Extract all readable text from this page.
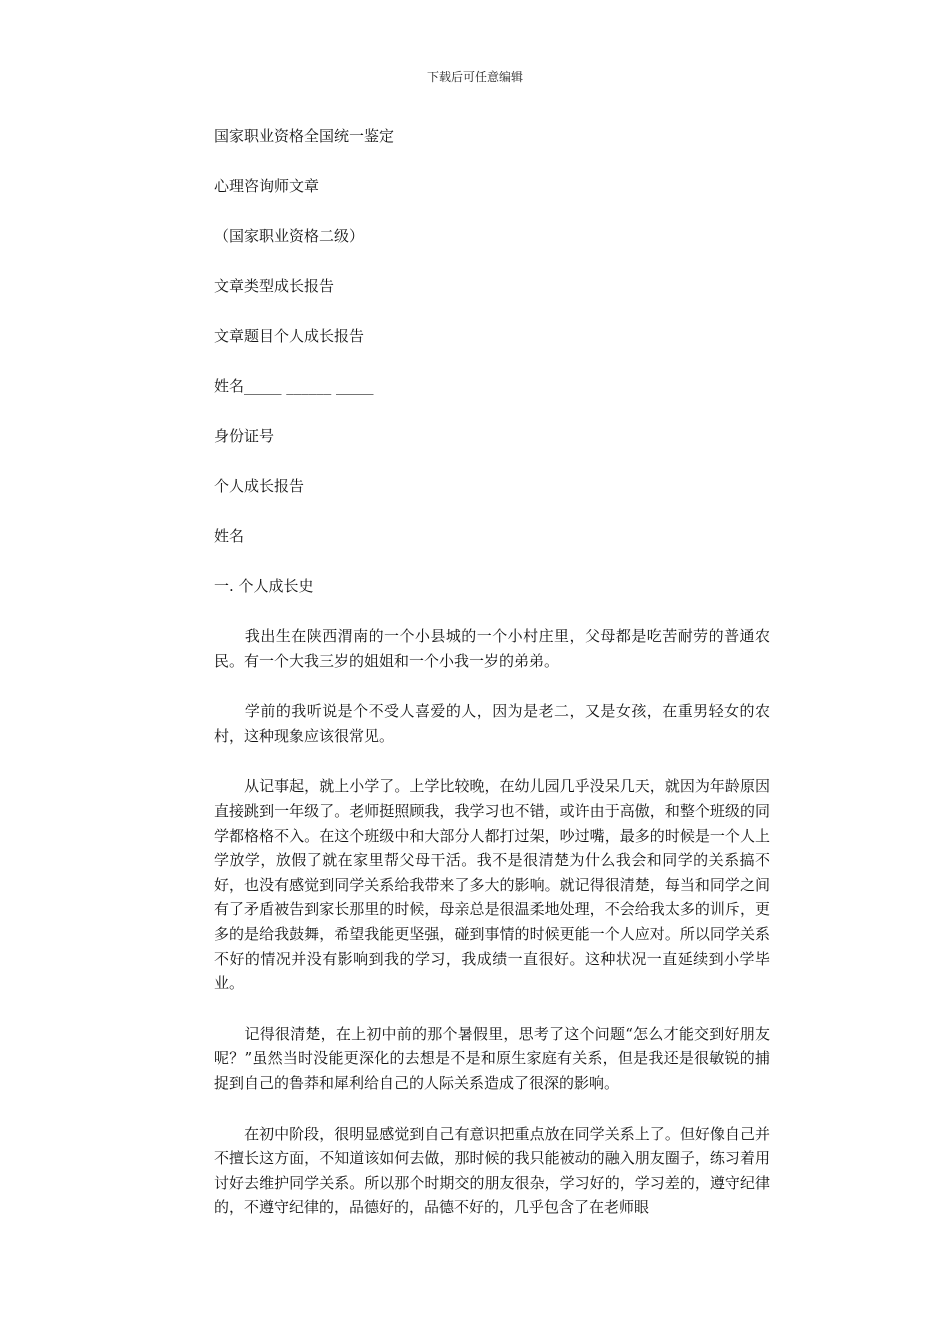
下载后可任意编辑
国家职业资格全国统一鉴定
心理咨询师文章
（国家职业资格二级）
文章类型成长报告
文章题目个人成长报告
姓名_____ ______ _____
身份证号
个人成长报告
姓名
一. 个人成长史

　　我出生在陕西渭南的一个小县城的一个小村庄里，父母都是吃苦耐劳的普通农民。有一个大我三岁的姐姐和一个小我一岁的弟弟。

　　学前的我听说是个不受人喜爱的人，因为是老二，又是女孩，在重男轻女的农村，这种现象应该很常见。

　　从记事起，就上小学了。上学比较晚，在幼儿园几乎没呆几天，就因为年龄原因直接跳到一年级了。老师挺照顾我，我学习也不错，或许由于高傲，和整个班级的同学都格格不入。在这个班级中和大部分人都打过架，吵过嘴，最多的时候是一个人上学放学，放假了就在家里帮父母干活。我不是很清楚为什么我会和同学的关系搞不好，也没有感觉到同学关系给我带来了多大的影响。就记得很清楚，每当和同学之间有了矛盾被告到家长那里的时候，母亲总是很温柔地处理，不会给我太多的训斥，更多的是给我鼓舞，希望我能更坚强，碰到事情的时候更能一个人应对。所以同学关系不好的情况并没有影响到我的学习，我成绩一直很好。这种状况一直延续到小学毕业。

　　记得很清楚，在上初中前的那个暑假里，思考了这个问题“怎么才能交到好朋友呢？”虽然当时没能更深化的去想是不是和原生家庭有关系，但是我还是很敏锐的捕捉到自己的鲁莽和犀利给自己的人际关系造成了很深的影响。

　　在初中阶段，很明显感觉到自己有意识把重点放在同学关系上了。但好像自己并不擅长这方面，不知道该如何去做，那时候的我只能被动的融入朋友圈子，练习着用讨好去维护同学关系。所以那个时期交的朋友很杂，学习好的，学习差的，遵守纪律的，不遵守纪律的，品德好的，品德不好的，几乎包含了在老师眼
